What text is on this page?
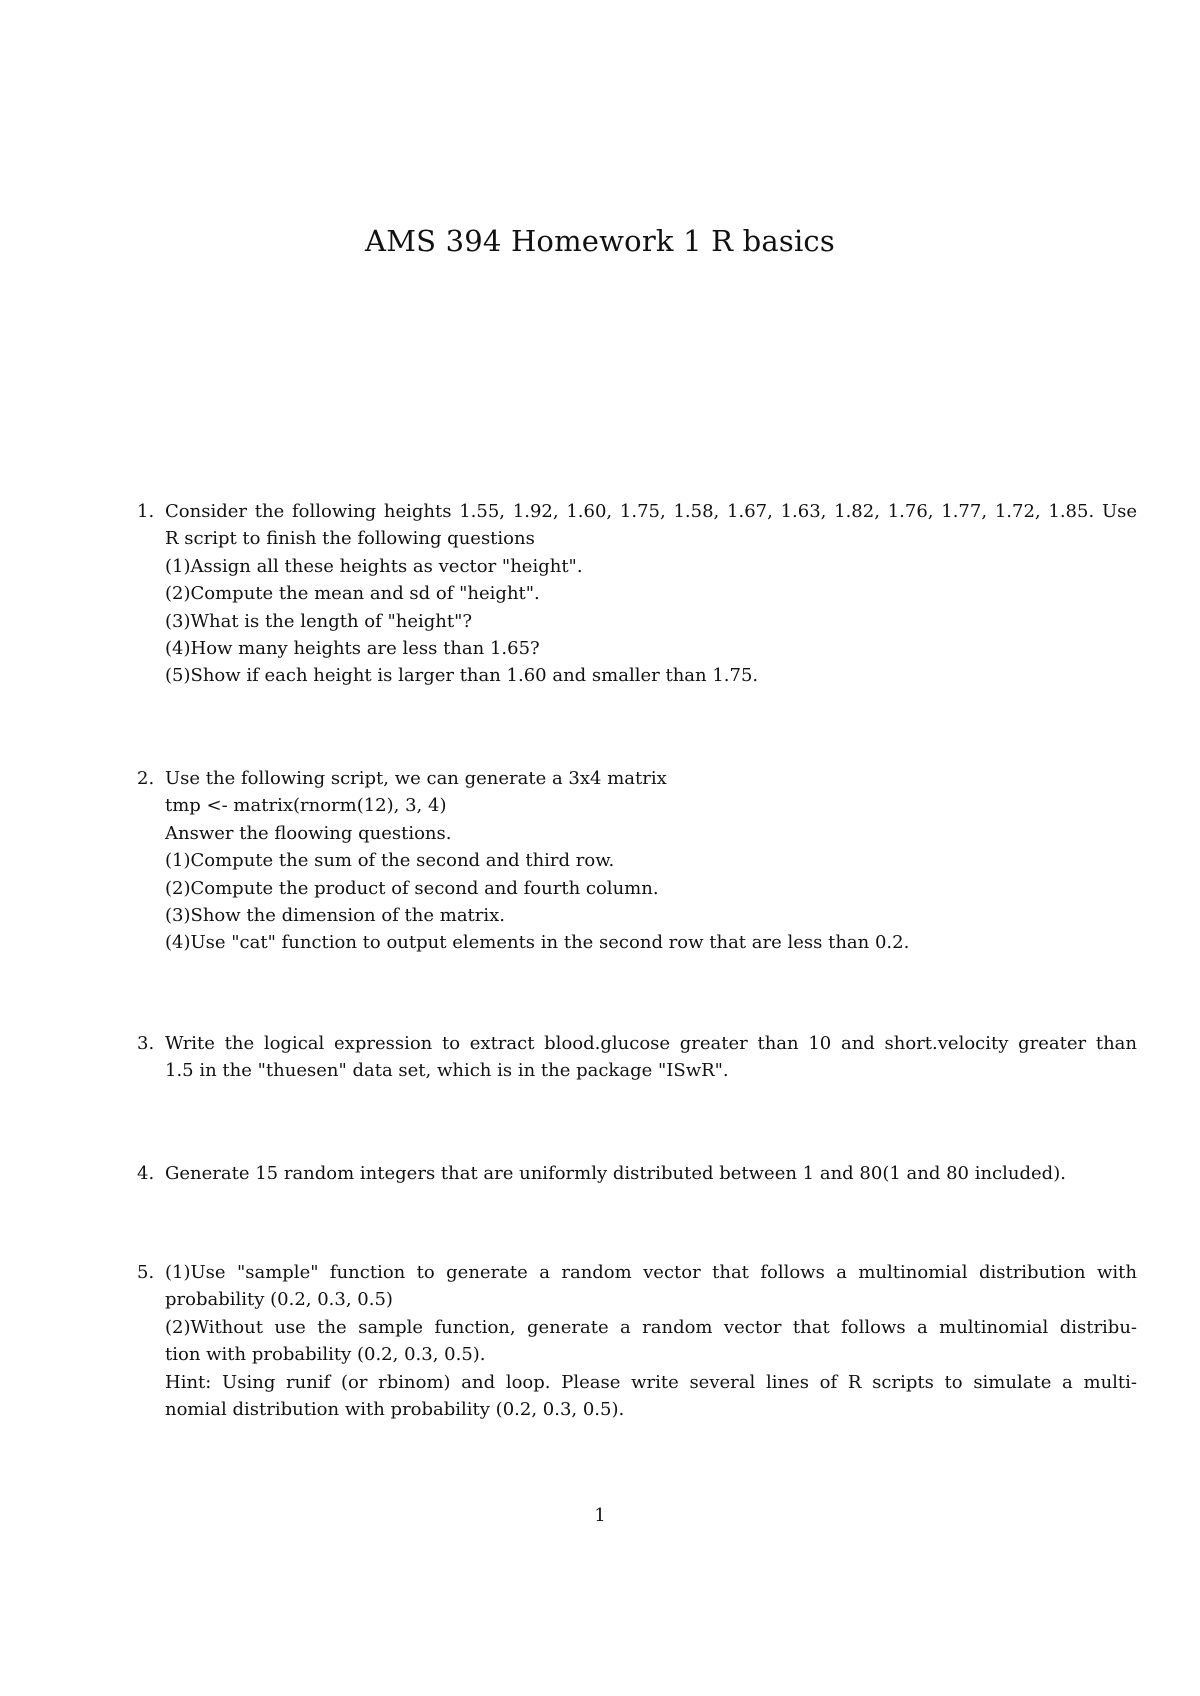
AMS 394 Homework 1 R basics
1. Consider the following heights 1.55, 1.92, 1.60, 1.75, 1.58, 1.67, 1.63, 1.82, 1.76, 1.77, 1.72, 1.85. Use
R script to finish the following questions
(1)Assign all these heights as vector "height".
(2)Compute the mean and sd of "height".
(3)What is the length of "height"?
(4)How many heights are less than 1.65?
(5)Show if each height is larger than 1.60 and smaller than 1.75.
2. Use the following script, we can generate a 3x4 matrix
tmp <- matrix(rnorm(12), 3, 4)
Answer the floowing questions.
(1)Compute the sum of the second and third row.
(2)Compute the product of second and fourth column.
(3)Show the dimension of the matrix.
(4)Use "cat" function to output elements in the second row that are less than 0.2.
3. Write the logical expression to extract blood.glucose greater than 10 and short.velocity greater than
1.5 in the "thuesen" data set, which is in the package "ISwR".
4. Generate 15 random integers that are uniformly distributed between 1 and 80(1 and 80 included).
5. (1)Use "sample" function to generate a random vector that follows a multinomial distribution with
probability (0.2, 0.3, 0.5)
(2)Without use the sample function, generate a random vector that follows a multinomial distribu-
tion with probability (0.2, 0.3, 0.5).
Hint: Using runif (or rbinom) and loop. Please write several lines of R scripts to simulate a multi-
nomial distribution with probability (0.2, 0.3, 0.5).
1
